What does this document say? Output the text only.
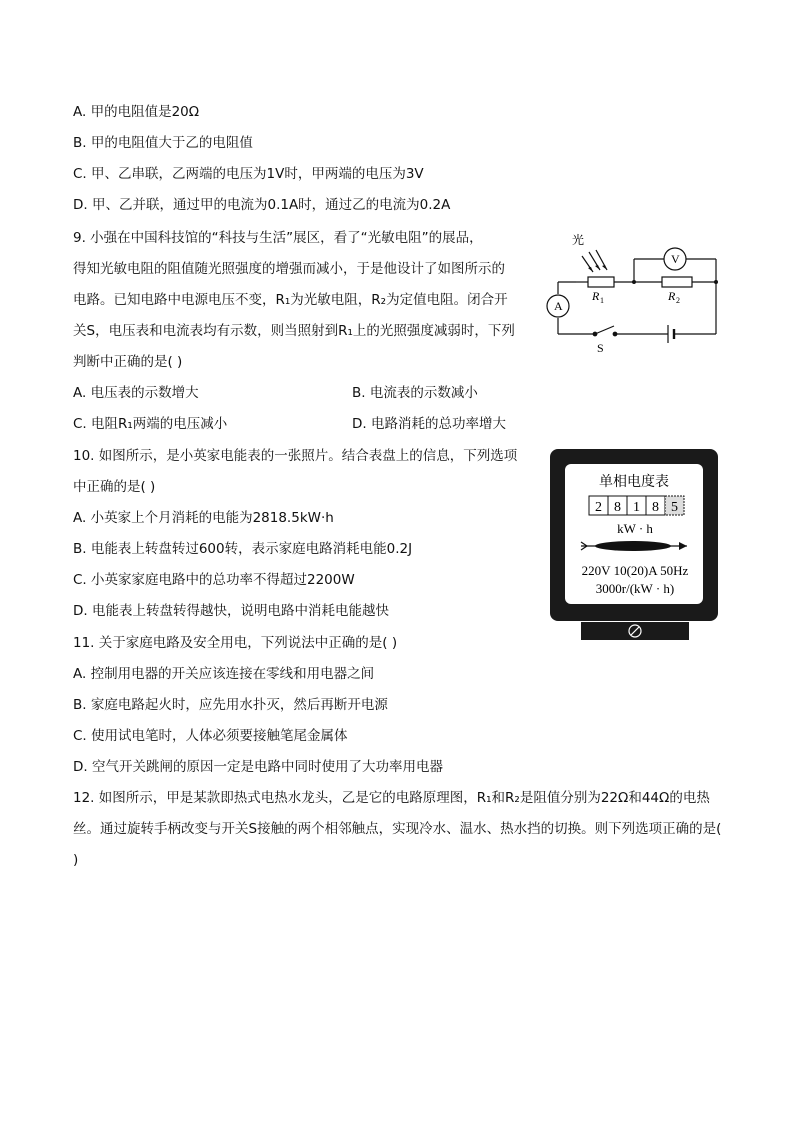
A. 甲的电阻值是20Ω
B. 甲的电阻值大于乙的电阻值
C. 甲、乙串联，乙两端的电压为1V时，甲两端的电压为3V
D. 甲、乙并联，通过甲的电流为0.1A时，通过乙的电流为0.2A
9. 小强在中国科技馆的“科技与生活”展区，看了“光敏电阻”的展品，
得知光敏电阻的阻值随光照强度的增强而减小，于是他设计了如图所示的
电路。已知电路中电源电压不变，R₁为光敏电阻，R₂为定值电阻。闭合开
关S，电压表和电流表均有示数，则当照射到R₁上的光照强度减弱时，下列
判断中正确的是( )
A. 电压表的示数增大	B. 电流表的示数减小
C. 电阻R₁两端的电压减小	D. 电路消耗的总功率增大
光
R 1	R 2
V
A
S
10. 如图所示，是小英家电能表的一张照片。结合表盘上的信息，下列选项
中正确的是( )
A. 小英家上个月消耗的电能为2818.5kW·h
B. 电能表上转盘转过600转，表示家庭电路消耗电能0.2J
C. 小英家家庭电路中的总功率不得超过2200W
D. 电能表上转盘转得越快，说明电路中消耗电能越快
单相电度表
2 8 1 8 5
kW · h
220V 10(20)A 50Hz
3000r/(kW · h)
11. 关于家庭电路及安全用电，下列说法中正确的是( )
A. 控制用电器的开关应该连接在零线和用电器之间
B. 家庭电路起火时，应先用水扑灭，然后再断开电源
C. 使用试电笔时，人体必须要接触笔尾金属体
D. 空气开关跳闸的原因一定是电路中同时使用了大功率用电器
12. 如图所示，甲是某款即热式电热水龙头，乙是它的电路原理图，R₁和R₂是阻值分别为22Ω和44Ω的电热丝。通过旋转手柄改变与开关S接触的两个相邻触点，实现冷水、温水、热水挡的切换。则下列选项正确的是( )
